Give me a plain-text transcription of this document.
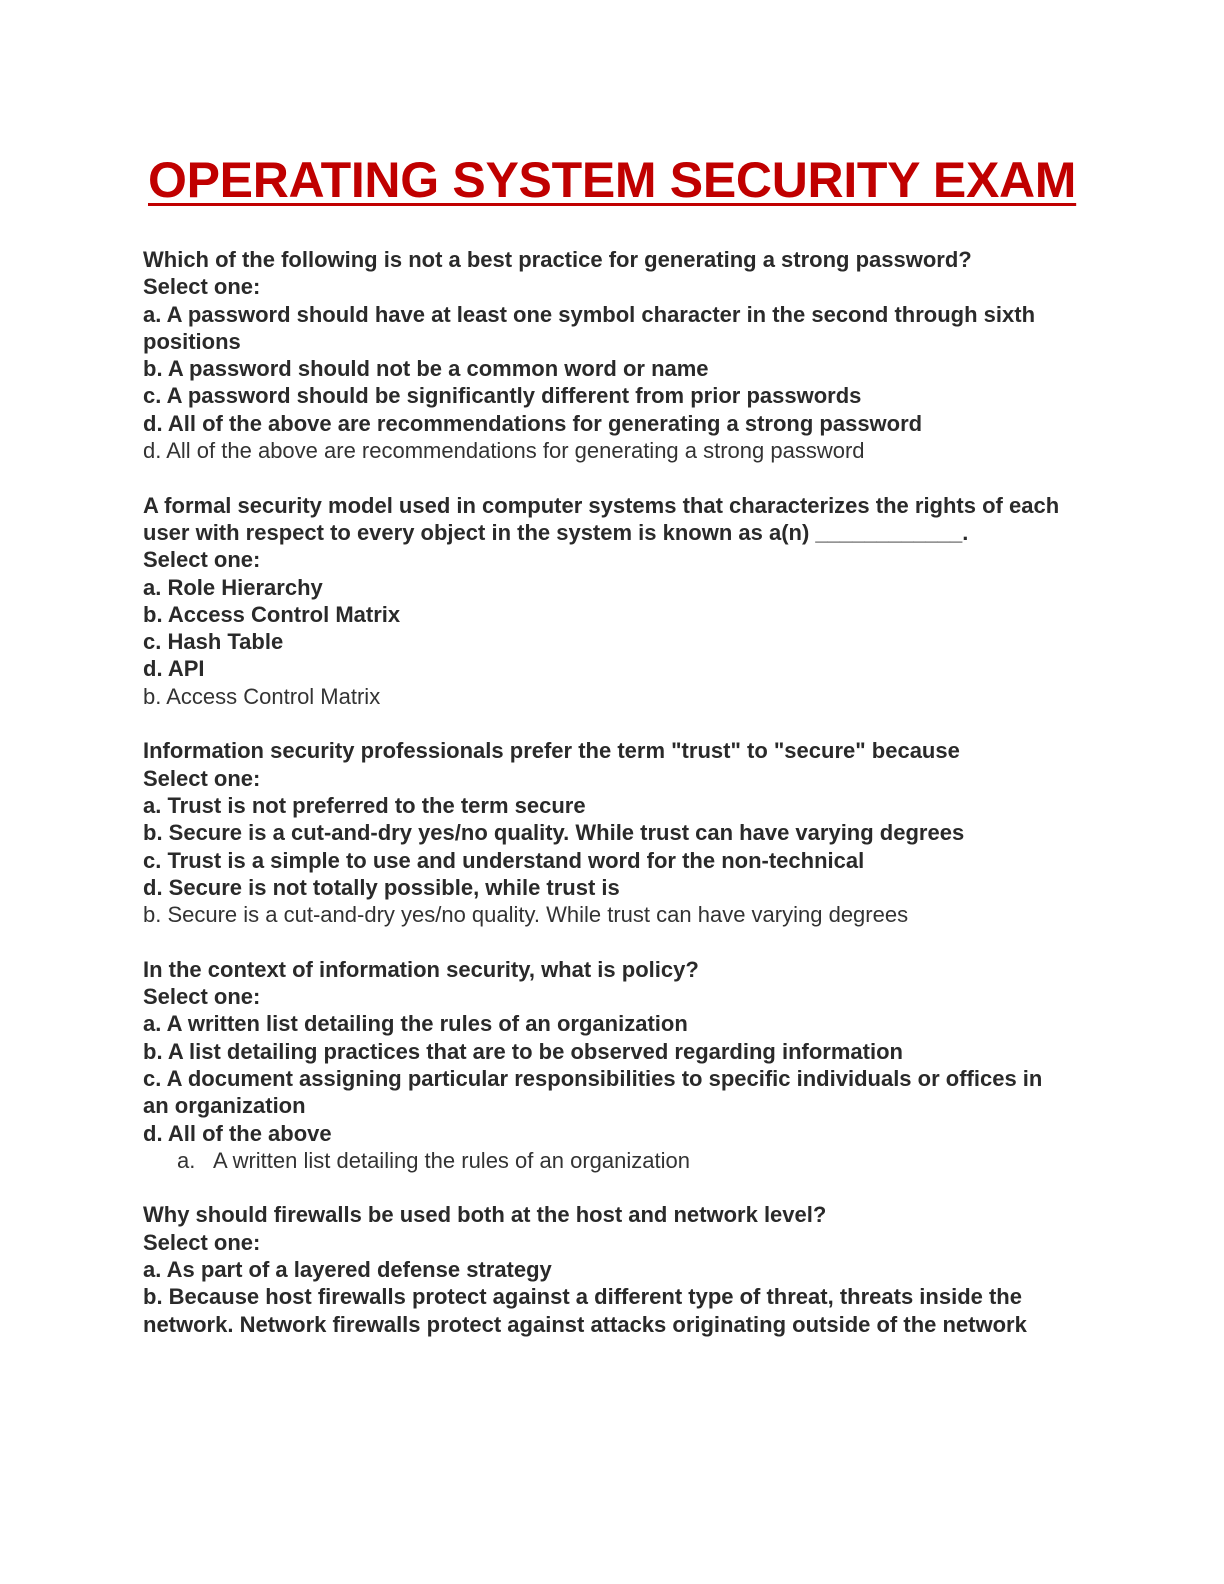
OPERATING SYSTEM SECURITY EXAM
Which of the following is not a best practice for generating a strong password?
Select one:
a. A password should have at least one symbol character in the second through sixth positions
b. A password should not be a common word or name
c. A password should be significantly different from prior passwords
d. All of the above are recommendations for generating a strong password
d. All of the above are recommendations for generating a strong password
A formal security model used in computer systems that characterizes the rights of each user with respect to every object in the system is known as a(n) ____________.
Select one:
a. Role Hierarchy
b. Access Control Matrix
c. Hash Table
d. API
b. Access Control Matrix
Information security professionals prefer the term "trust" to "secure" because
Select one:
a. Trust is not preferred to the term secure
b. Secure is a cut-and-dry yes/no quality. While trust can have varying degrees
c. Trust is a simple to use and understand word for the non-technical
d. Secure is not totally possible, while trust is
b. Secure is a cut-and-dry yes/no quality. While trust can have varying degrees
In the context of information security, what is policy?
Select one:
a. A written list detailing the rules of an organization
b. A list detailing practices that are to be observed regarding information
c. A document assigning particular responsibilities to specific individuals or offices in an organization
d. All of the above
a. A written list detailing the rules of an organization
Why should firewalls be used both at the host and network level?
Select one:
a. As part of a layered defense strategy
b. Because host firewalls protect against a different type of threat, threats inside the network. Network firewalls protect against attacks originating outside of the network
